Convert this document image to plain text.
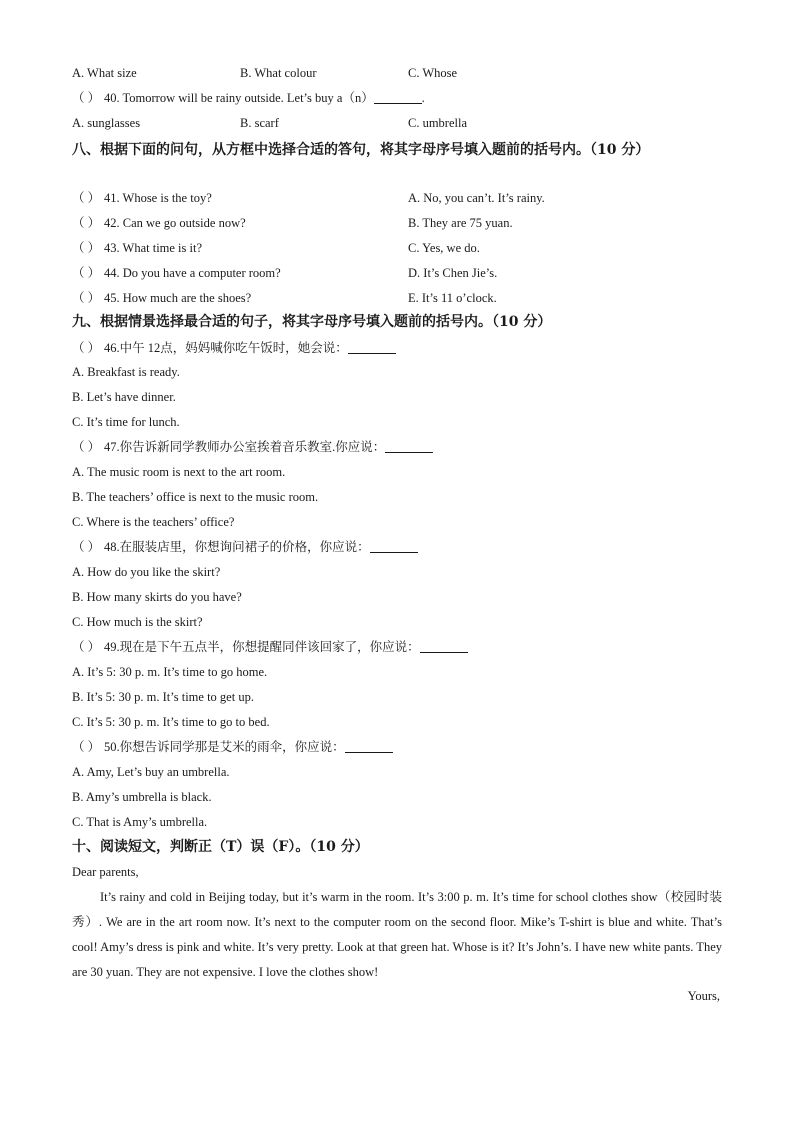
A. What size	B. What colour	C. Whose
（ ） 40. Tomorrow will be rainy outside. Let’s buy a（n）	.
A. sunglasses	B. scarf	C. umbrella
八、根据下面的问句，从方框中选择合适的答句，将其字母序号填入题前的括号内。（10 分）
（ ） 41. Whose is the toy?	A. No, you can’t. It’s rainy.
（ ） 42. Can we go outside now?	B. They are 75 yuan.
（ ） 43. What time is it?	C. Yes, we do.
（ ） 44. Do you have a computer room?	D. It’s Chen Jie’s.
（ ） 45. How much are the shoes?	E. It’s 11 o’clock.
九、根据情景选择最合适的句子，将其字母序号填入题前的括号内。（10 分）
（ ） 46.中午 12点，妈妈喊你吃午饭时，她会说：
A. Breakfast is ready.
B. Let’s have dinner.
C. It’s time for lunch.
（ ） 47.你告诉新同学教师办公室挨着音乐教室.你应说：
A. The music room is next to the art room.
B. The teachers’ office is next to the music room.
C. Where is the teachers’ office?
（ ） 48.在服装店里，你想询问裙子的价格，你应说：
A. How do you like the skirt?
B. How many skirts do you have?
C. How much is the skirt?
（ ） 49.现在是下午五点半，你想提醒同伴该回家了，你应说：
A. It’s 5: 30 p. m. It’s time to go home.
B. It’s 5: 30 p. m. It’s time to get up.
C. It’s 5: 30 p. m. It’s time to go to bed.
（ ） 50.你想告诉同学那是艾米的雨伞，你应说：
A. Amy, Let’s buy an umbrella.
B. Amy’s umbrella is black.
C. That is Amy’s umbrella.
十、阅读短文，判断正（T）误（F）。（10 分）
Dear parents,
It’s rainy and cold in Beijing today, but it’s warm in the room. It’s 3:00 p. m. It’s time for school clothes show（校园时装秀）. We are in the art room now. It’s next to the computer room on the second floor. Mike’s T-shirt is blue and white. That’s cool! Amy’s dress is pink and white. It’s very pretty. Look at that green hat. Whose is it? It’s John’s. I have new white pants. They are 30 yuan. They are not expensive. I love the clothes show!
Yours,
